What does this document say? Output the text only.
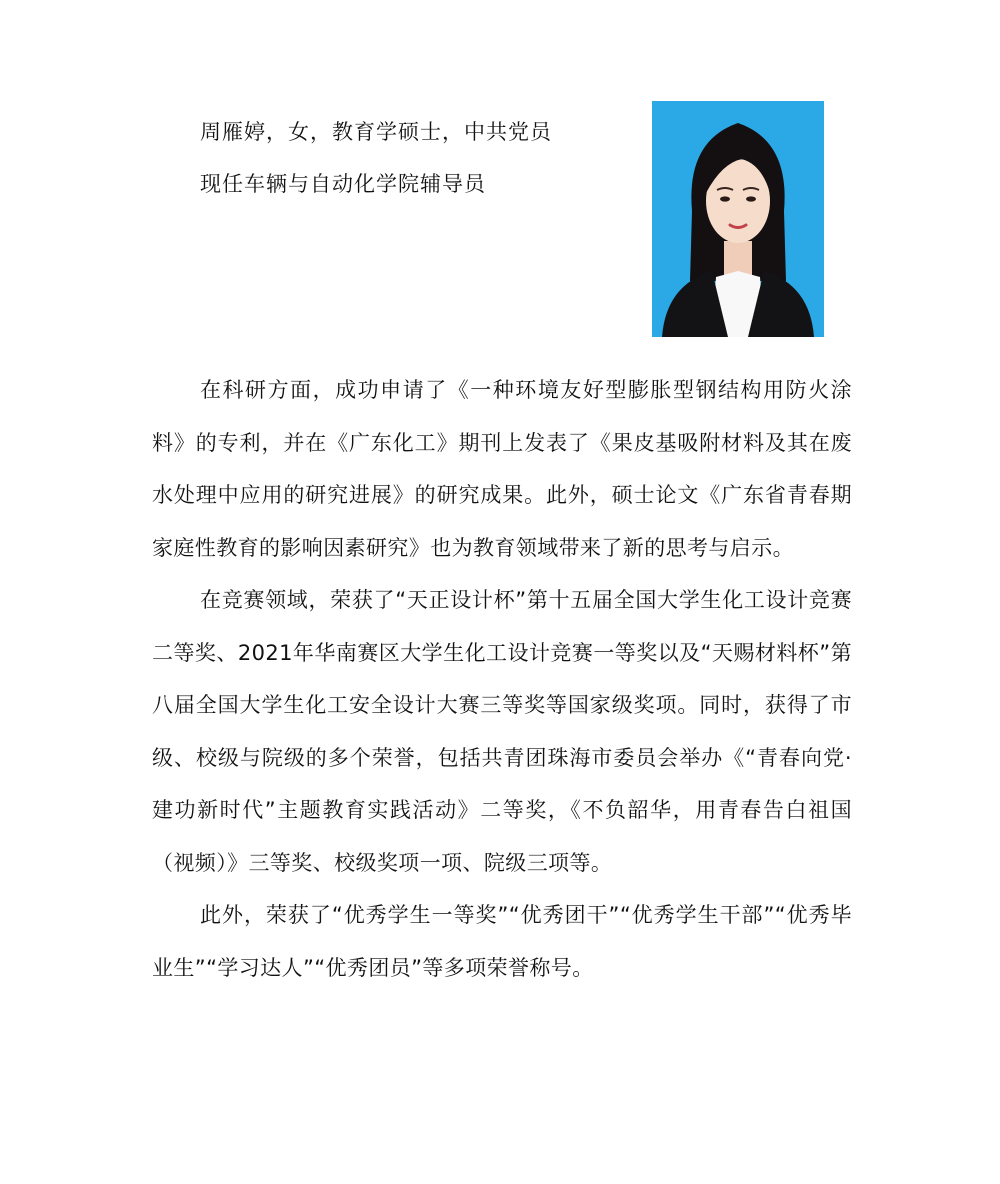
周雁婷，女，教育学硕士，中共党员
现任车辆与自动化学院辅导员

在科研方面，成功申请了《一种环境友好型膨胀型钢结构用防火涂料》的专利，并在《广东化工》期刊上发表了《果皮基吸附材料及其在废水处理中应用的研究进展》的研究成果。此外，硕士论文《广东省青春期家庭性教育的影响因素研究》也为教育领域带来了新的思考与启示。

在竞赛领域，荣获了“天正设计杯”第十五届全国大学生化工设计竞赛二等奖、2021年华南赛区大学生化工设计竞赛一等奖以及“天赐材料杯”第八届全国大学生化工安全设计大赛三等奖等国家级奖项。同时，获得了市级、校级与院级的多个荣誉，包括共青团珠海市委员会举办《“青春向党·建功新时代”主题教育实践活动》二等奖，《不负韶华，用青春告白祖国（视频）》三等奖、校级奖项一项、院级三项等。

此外，荣获了“优秀学生一等奖”“优秀团干”“优秀学生干部”“优秀毕业生”“学习达人”“优秀团员”等多项荣誉称号。
